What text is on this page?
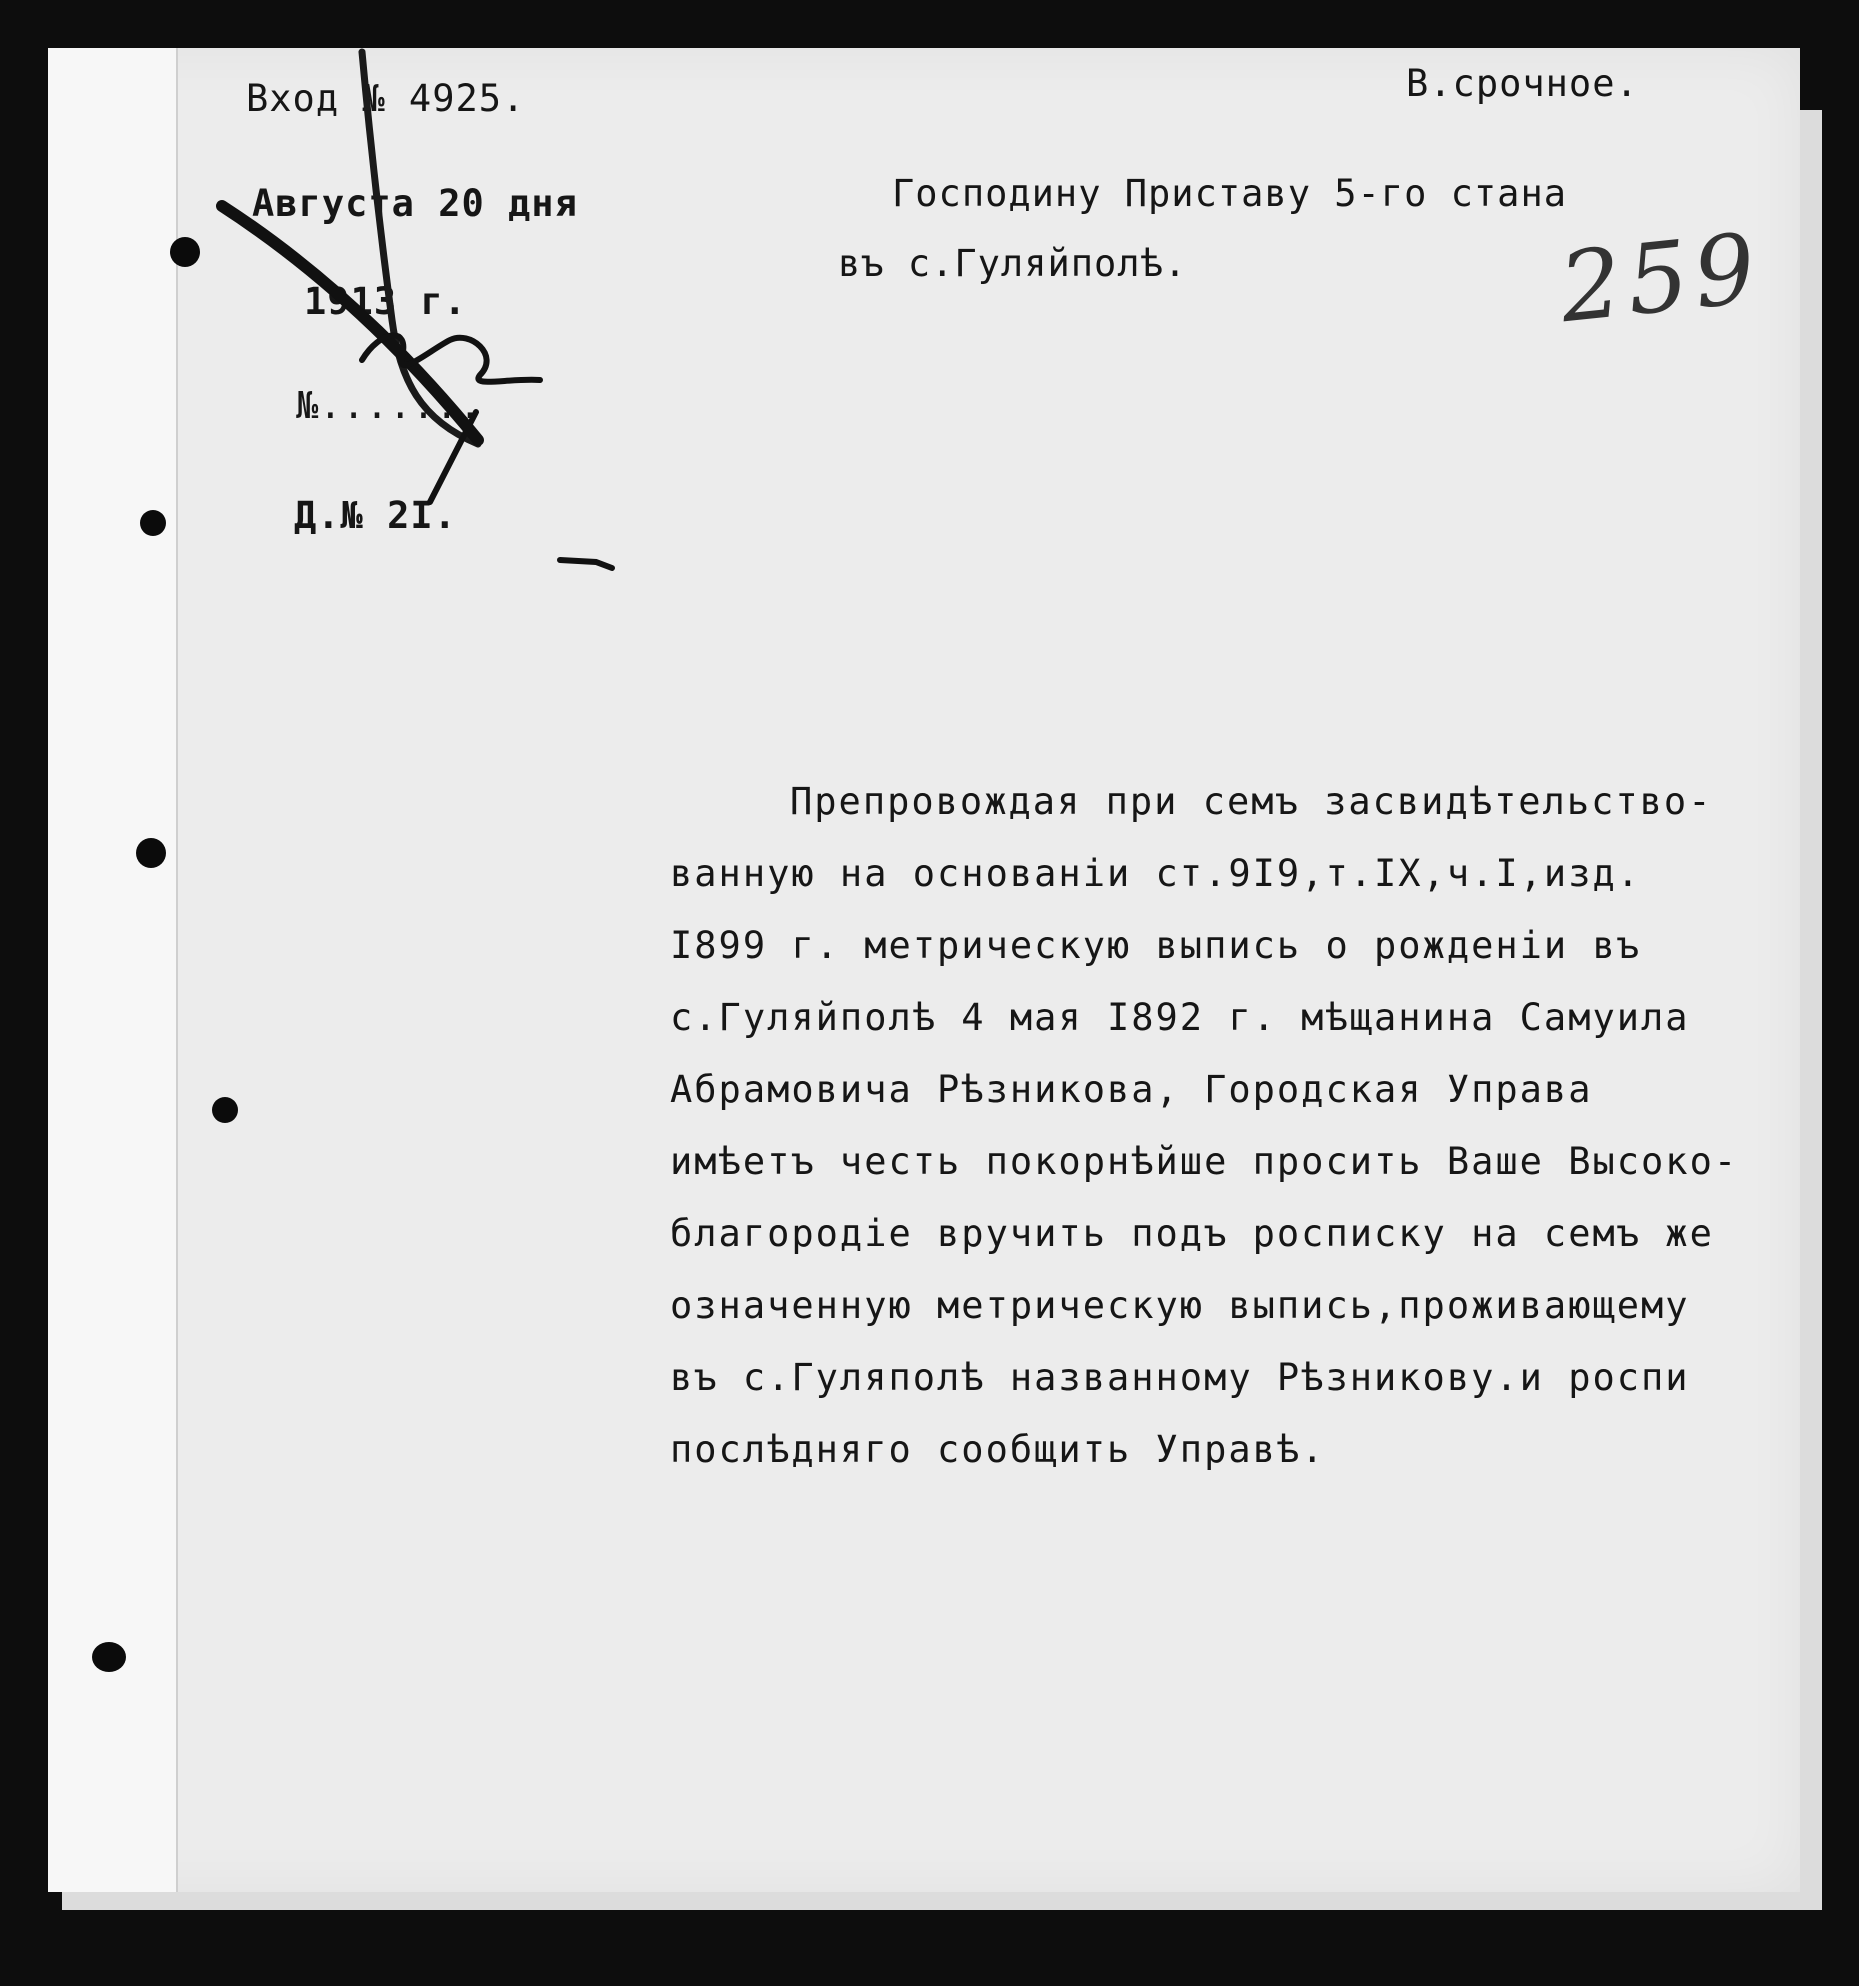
Вход № 4925.
Августа 20 дня
1913 г.
№.......
Д.№ 2I.
В.срочное.
Господину Приставу 5-го стана
въ с.Гуляйполѣ.	259
Препровождая при семъ засвидѣтельство-
ванную на основанiи ст.9I9,т.IX,ч.I,изд.
I899 г. метрическую выпись о рожденiи въ
с.Гуляйполѣ 4 мая I892 г. мѣщанина Самуила
Абрамовича Рѣзникова, Городская Управа
имѣетъ честь покорнѣйше просить Ваше Высоко-
благородiе вручить подъ росписку на семъ же
означенную метрическую выпись,проживающему
въ с.Гуляполѣ названному Рѣзникову.и роспи
послѣдняго сообщить Управѣ.
